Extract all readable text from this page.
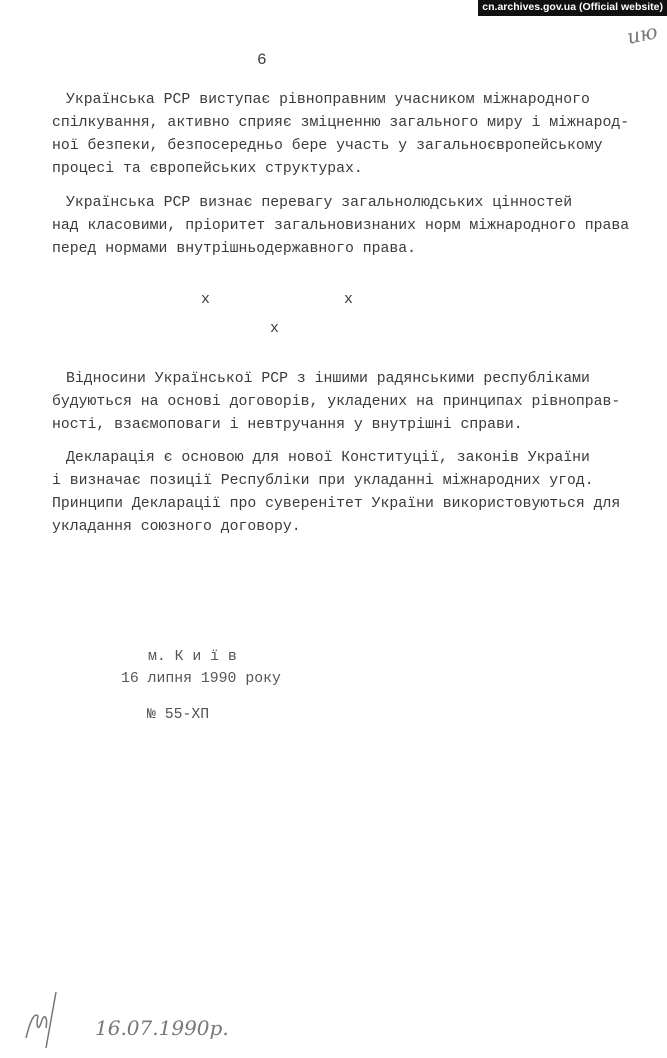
cn.archives.gov.ua (Official website)
ию
6
Українська РСР виступає рівноправним учасником міжнародного
спілкування, активно сприяє зміцненню загального миру і міжнарод-
ної безпеки, безпосередньо бере участь у загальноєвропейському
процесі та європейських структурах.
Українська РСР визнає перевагу загальнолюдських цінностей
над класовими, пріоритет загальновизнаних норм міжнародного права
перед нормами внутрішньодержавного права.
x	x
x
Відносини Української РСР з іншими радянськими республіками
будуються на основі договорів, укладених на принципах рівноправ-
ності, взаємоповаги і невтручання у внутрішні справи.
Декларація є основою для нової Конституції, законів України
і визначає позиції Республіки при укладанні міжнародних угод.
Принципи Декларації про суверенітет України використовуються для
укладання союзного договору.
м. К и ї в
16 липня 1990 року
№ 55-ХП
16.07.1990р.
